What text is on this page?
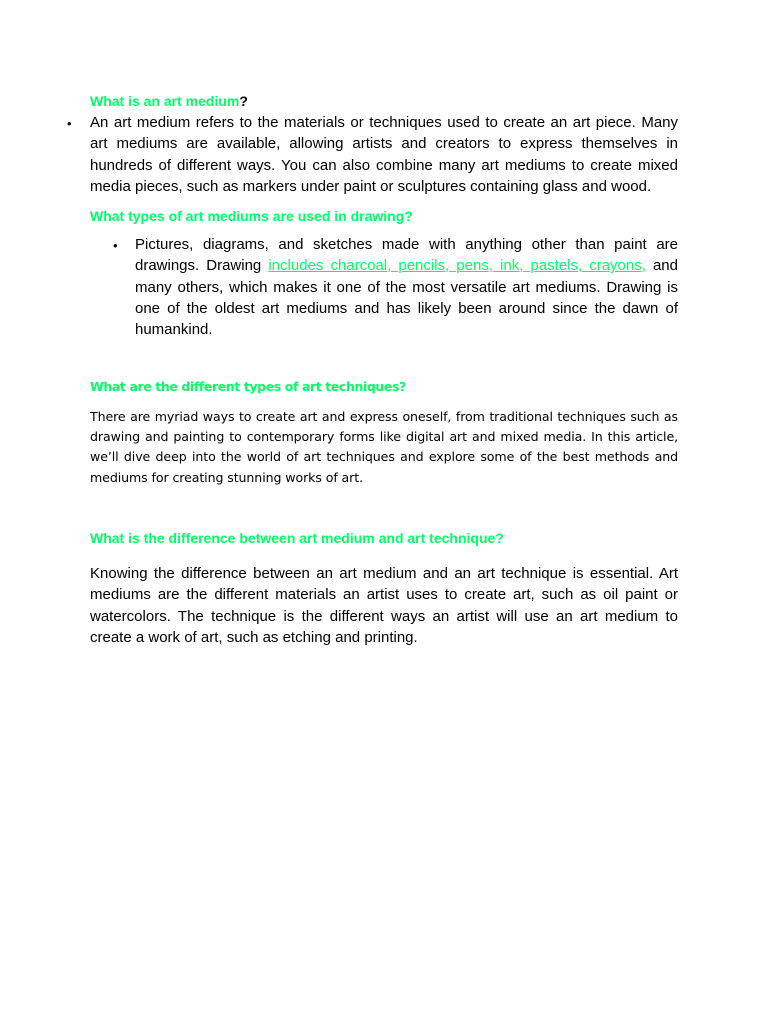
What is an art medium?
• An art medium refers to the materials or techniques used to create an art piece. Many art mediums are available, allowing artists and creators to express themselves in hundreds of different ways. You can also combine many art mediums to create mixed media pieces, such as markers under paint or sculptures containing glass and wood.

What types of art mediums are used in drawing?
• Pictures, diagrams, and sketches made with anything other than paint are drawings. Drawing includes charcoal, pencils, pens, ink, pastels, crayons, and many others, which makes it one of the most versatile art mediums. Drawing is one of the oldest art mediums and has likely been around since the dawn of humankind.

What are the different types of art techniques?

There are myriad ways to create art and express oneself, from traditional techniques such as drawing and painting to contemporary forms like digital art and mixed media. In this article, we’ll dive deep into the world of art techniques and explore some of the best methods and mediums for creating stunning works of art.

What is the difference between art medium and art technique?

Knowing the difference between an art medium and an art technique is essential. Art mediums are the different materials an artist uses to create art, such as oil paint or watercolors. The technique is the different ways an artist will use an art medium to create a work of art, such as etching and printing.
